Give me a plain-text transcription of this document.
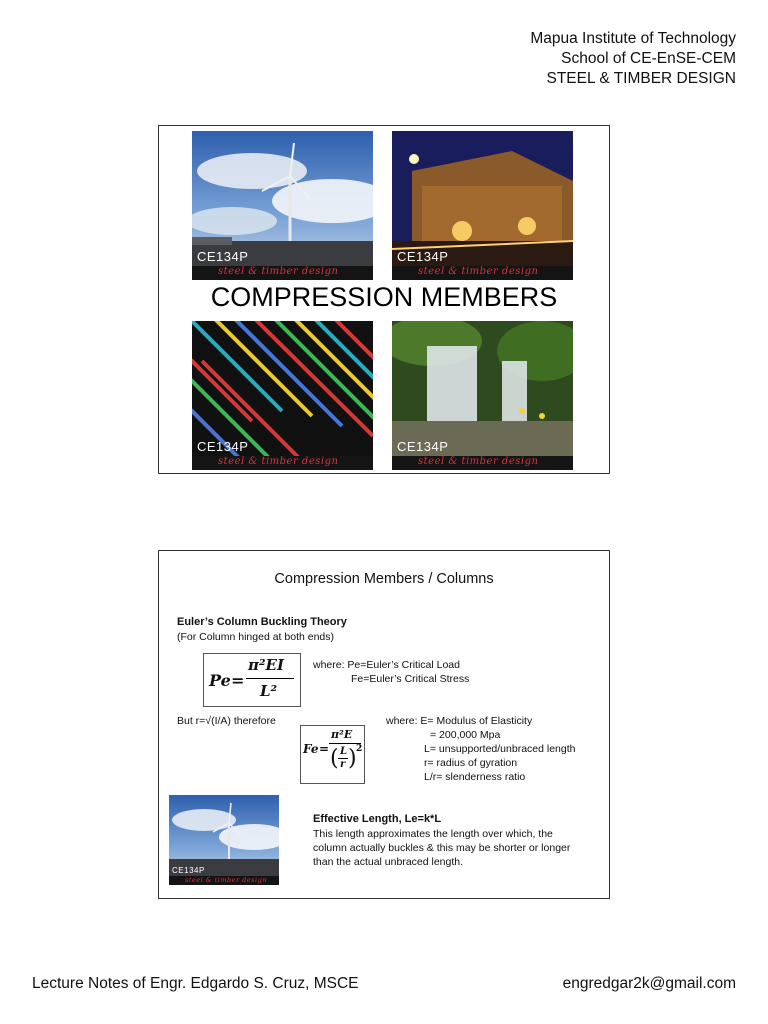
Mapua Institute of Technology
School of CE-EnSE-CEM
STEEL & TIMBER DESIGN
CE134P
steel & timber design
CE134P
steel & timber design
COMPRESSION MEMBERS
CE134P
steel & timber design
CE134P
steel & timber design
Compression Members / Columns
Euler’s Column Buckling Theory
(For Column hinged at both ends)
Pe =
π²EI
L²
where: Pe=Euler’s Critical Load
Fe=Euler’s Critical Stress
But r=√(I/A) therefore
Fe =
π²E
( L
r ) 2
where: E= Modulus of Elasticity
= 200,000 Mpa
L= unsupported/unbraced length
r= radius of gyration
L/r= slenderness ratio
CE134P
steel & timber design
Effective Length, Le=k*L
This length approximates the length over which, the
column actually buckles & this may be shorter or longer
than the actual unbraced length.
Lecture Notes of Engr. Edgardo S. Cruz, MSCE	engredgar2k@gmail.com
